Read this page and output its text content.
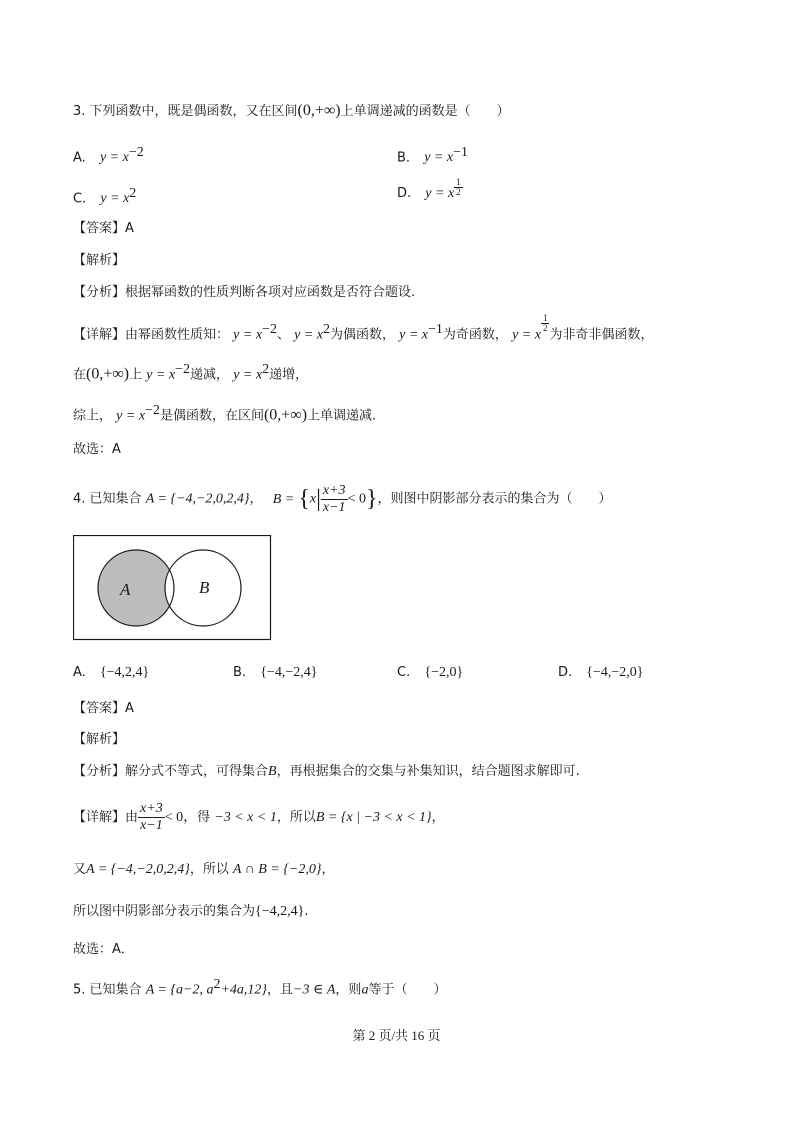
3. 下列函数中，既是偶函数，又在区间(0,+∞)上单调递减的函数是（　　）
A. $y = x^{-2}$	B. $y = x^{-1}$
C. $y = x^2$	D. y = x $\frac{1}{2}$
【答案】A
【解析】
【分析】根据幂函数的性质判断各项对应函数是否符合题设.
【详解】由幂函数性质知： $y = x^{-2}$、 $y = x^2$为偶函数， $y = x^{-1}$为奇函数， y = x
$\frac{1}{2}$
为非奇非偶函数，
在(0,+∞)上 $y = x^{-2}$递减， $y = x^2$递增，
综上， $y = x^{-2}$是偶函数，在区间(0,+∞)上单调递减.
故选：A
4. 已知集合 A = {−4,−2,0,2,4}， $B = \{x| \frac{x+3}{x-1} < 0\}$，则图中阴影部分表示的集合为（　　）
A	B
A. {−4,2,4}	B. {−4,−2,4}	C. {−2,0}	D. {−4,−2,0}
【答案】A
【解析】
【分析】解分式不等式，可得集合B，再根据集合的交集与补集知识，结合题图求解即可.
【详解】由 $\frac{x+3}{x-1} < 0$，得 −3 < x < 1，所以B = {x | −3 < x < 1}，
又A = {−4,−2,0,2,4}，所以 A ∩ B = {−2,0}，
所以图中阴影部分表示的集合为{−4,2,4}.
故选：A．
5. 已知集合 A = {a−2, $a^2+4a,12$}，且−3 ∈ A，则a等于（　　）
第 2 页/共 16 页
